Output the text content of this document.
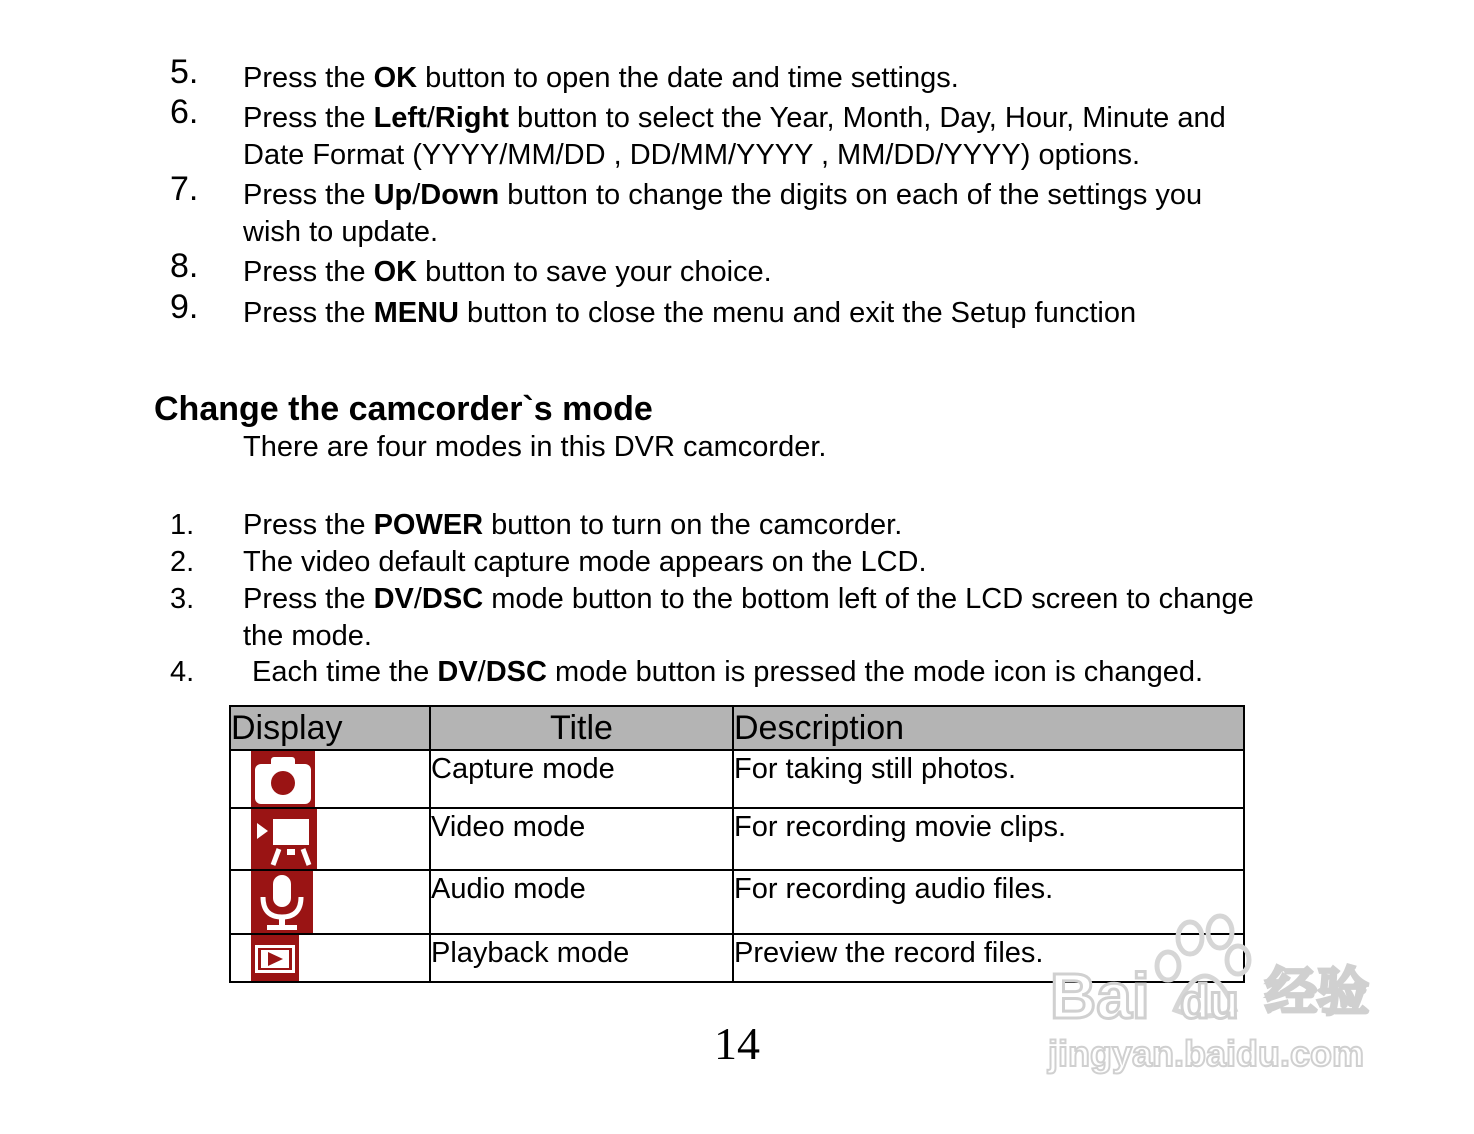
5. Press the OK button to open the date and time settings.
6. Press the Left/Right button to select the Year, Month, Day, Hour, Minute and
Date Format (YYYY/MM/DD , DD/MM/YYYY , MM/DD/YYYY) options.
7. Press the Up/Down button to change the digits on each of the settings you
wish to update.
8. Press the OK button to save your choice.
9. Press the MENU button to close the menu and exit the Setup function
Change the camcorder`s mode
There are four modes in this DVR camcorder.
1. Press the POWER button to turn on the camcorder.
2. The video default capture mode appears on the LCD.
3. Press the DV/DSC mode button to the bottom left of the LCD screen to change
the mode.
4. Each time the DV/DSC mode button is pressed the mode icon is changed.
Display	Title	Description

	Capture mode	For taking still photos.

	Video mode	For recording movie clips.

	Audio mode	For recording audio files.

	Playback mode	Preview the record files.
14
Bai du 经验
jingyan.baidu.com
